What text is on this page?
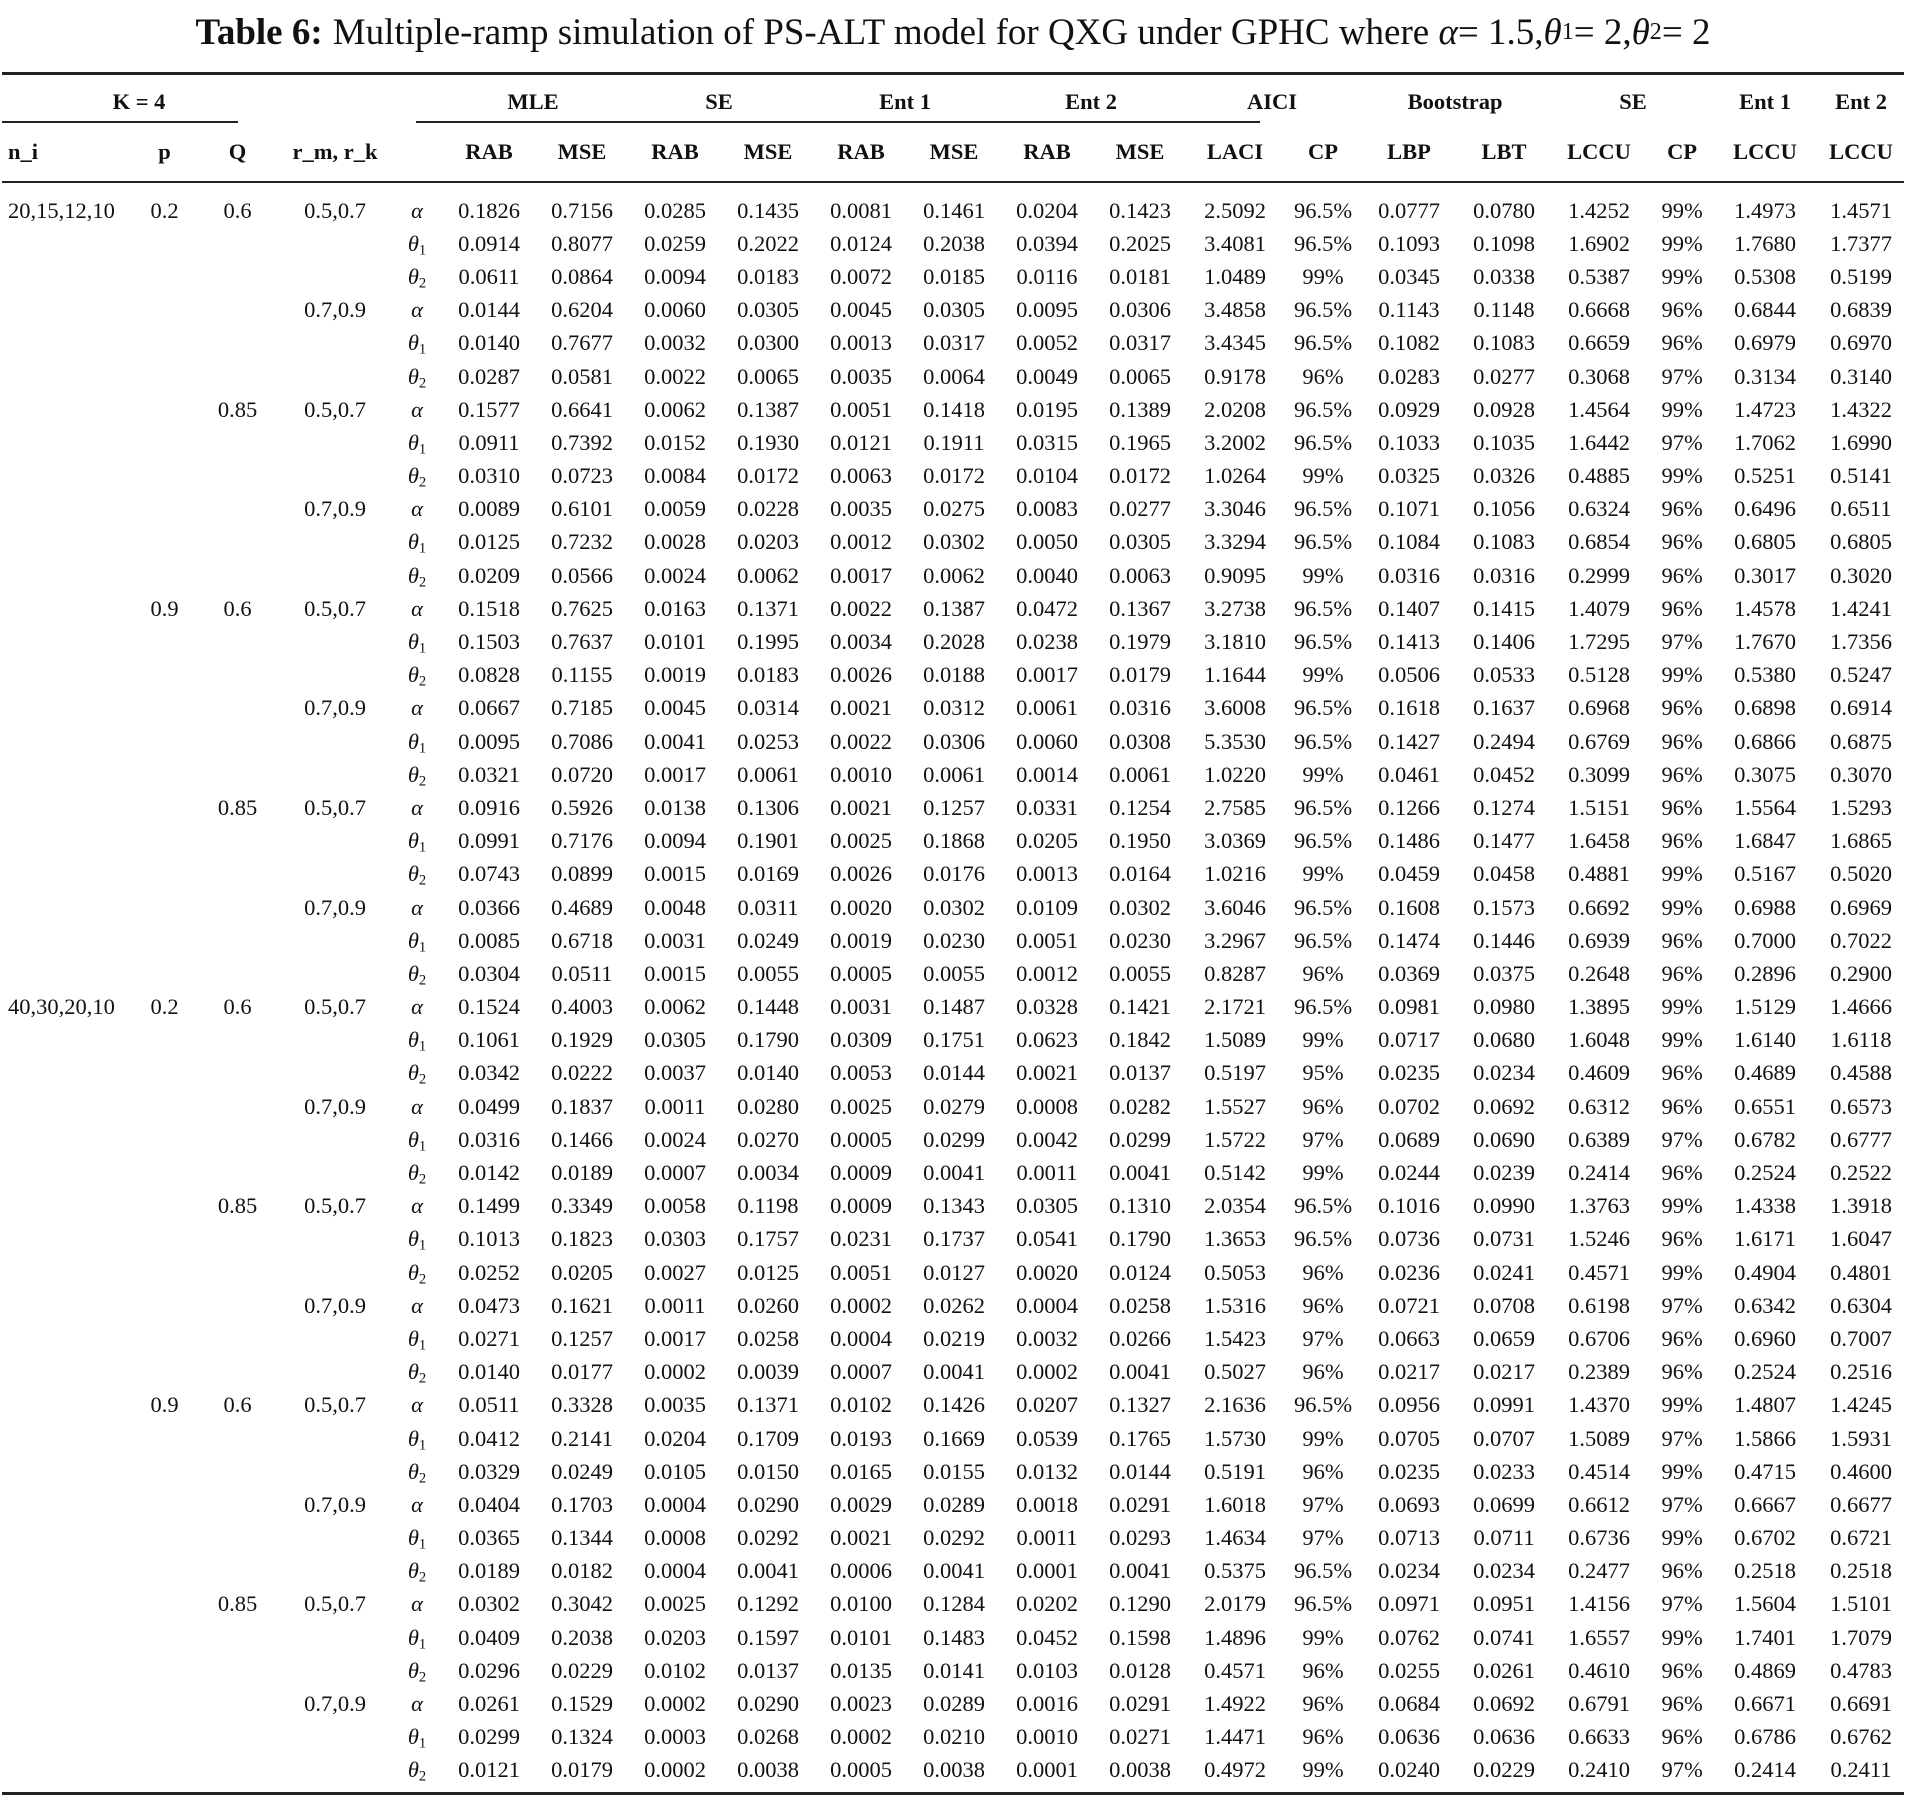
Table 6: Multiple-ramp simulation of PS-ALT model for QXG under GPHC where
α = 1.5, θ 1 = 2, θ 2 = 2
K = 4					MLE		SE		Ent 1		Ent 2		AICI		Bootstrap		SE		Ent 1	Ent 2
n_i	p	Q	r_m, r_k		RAB	MSE	RAB	MSE	RAB	MSE	RAB	MSE	LACI	CP	LBP	LBT	LCCU	CP	LCCU	LCCU

20,15,12,10	0.2	0.6	0.5,0.7	α	0.1826	0.7156	0.0285	0.1435	0.0081	0.1461	0.0204	0.1423	2.5092	96.5%	0.0777	0.0780	1.4252	99%	1.4973	1.4571
				$\theta_1$	0.0914	0.8077	0.0259	0.2022	0.0124	0.2038	0.0394	0.2025	3.4081	96.5%	0.1093	0.1098	1.6902	99%	1.7680	1.7377
				$\theta_2$	0.0611	0.0864	0.0094	0.0183	0.0072	0.0185	0.0116	0.0181	1.0489	99%	0.0345	0.0338	0.5387	99%	0.5308	0.5199
			0.7,0.9	α	0.0144	0.6204	0.0060	0.0305	0.0045	0.0305	0.0095	0.0306	3.4858	96.5%	0.1143	0.1148	0.6668	96%	0.6844	0.6839
				$\theta_1$	0.0140	0.7677	0.0032	0.0300	0.0013	0.0317	0.0052	0.0317	3.4345	96.5%	0.1082	0.1083	0.6659	96%	0.6979	0.6970
				$\theta_2$	0.0287	0.0581	0.0022	0.0065	0.0035	0.0064	0.0049	0.0065	0.9178	96%	0.0283	0.0277	0.3068	97%	0.3134	0.3140
		0.85	0.5,0.7	α	0.1577	0.6641	0.0062	0.1387	0.0051	0.1418	0.0195	0.1389	2.0208	96.5%	0.0929	0.0928	1.4564	99%	1.4723	1.4322
				$\theta_1$	0.0911	0.7392	0.0152	0.1930	0.0121	0.1911	0.0315	0.1965	3.2002	96.5%	0.1033	0.1035	1.6442	97%	1.7062	1.6990
				$\theta_2$	0.0310	0.0723	0.0084	0.0172	0.0063	0.0172	0.0104	0.0172	1.0264	99%	0.0325	0.0326	0.4885	99%	0.5251	0.5141
			0.7,0.9	α	0.0089	0.6101	0.0059	0.0228	0.0035	0.0275	0.0083	0.0277	3.3046	96.5%	0.1071	0.1056	0.6324	96%	0.6496	0.6511
				$\theta_1$	0.0125	0.7232	0.0028	0.0203	0.0012	0.0302	0.0050	0.0305	3.3294	96.5%	0.1084	0.1083	0.6854	96%	0.6805	0.6805
				$\theta_2$	0.0209	0.0566	0.0024	0.0062	0.0017	0.0062	0.0040	0.0063	0.9095	99%	0.0316	0.0316	0.2999	96%	0.3017	0.3020
	0.9	0.6	0.5,0.7	α	0.1518	0.7625	0.0163	0.1371	0.0022	0.1387	0.0472	0.1367	3.2738	96.5%	0.1407	0.1415	1.4079	96%	1.4578	1.4241
				$\theta_1$	0.1503	0.7637	0.0101	0.1995	0.0034	0.2028	0.0238	0.1979	3.1810	96.5%	0.1413	0.1406	1.7295	97%	1.7670	1.7356
				$\theta_2$	0.0828	0.1155	0.0019	0.0183	0.0026	0.0188	0.0017	0.0179	1.1644	99%	0.0506	0.0533	0.5128	99%	0.5380	0.5247
			0.7,0.9	α	0.0667	0.7185	0.0045	0.0314	0.0021	0.0312	0.0061	0.0316	3.6008	96.5%	0.1618	0.1637	0.6968	96%	0.6898	0.6914
				$\theta_1$	0.0095	0.7086	0.0041	0.0253	0.0022	0.0306	0.0060	0.0308	5.3530	96.5%	0.1427	0.2494	0.6769	96%	0.6866	0.6875
				$\theta_2$	0.0321	0.0720	0.0017	0.0061	0.0010	0.0061	0.0014	0.0061	1.0220	99%	0.0461	0.0452	0.3099	96%	0.3075	0.3070
		0.85	0.5,0.7	α	0.0916	0.5926	0.0138	0.1306	0.0021	0.1257	0.0331	0.1254	2.7585	96.5%	0.1266	0.1274	1.5151	96%	1.5564	1.5293
				$\theta_1$	0.0991	0.7176	0.0094	0.1901	0.0025	0.1868	0.0205	0.1950	3.0369	96.5%	0.1486	0.1477	1.6458	96%	1.6847	1.6865
				$\theta_2$	0.0743	0.0899	0.0015	0.0169	0.0026	0.0176	0.0013	0.0164	1.0216	99%	0.0459	0.0458	0.4881	99%	0.5167	0.5020
			0.7,0.9	α	0.0366	0.4689	0.0048	0.0311	0.0020	0.0302	0.0109	0.0302	3.6046	96.5%	0.1608	0.1573	0.6692	99%	0.6988	0.6969
				$\theta_1$	0.0085	0.6718	0.0031	0.0249	0.0019	0.0230	0.0051	0.0230	3.2967	96.5%	0.1474	0.1446	0.6939	96%	0.7000	0.7022
				$\theta_2$	0.0304	0.0511	0.0015	0.0055	0.0005	0.0055	0.0012	0.0055	0.8287	96%	0.0369	0.0375	0.2648	96%	0.2896	0.2900
40,30,20,10	0.2	0.6	0.5,0.7	α	0.1524	0.4003	0.0062	0.1448	0.0031	0.1487	0.0328	0.1421	2.1721	96.5%	0.0981	0.0980	1.3895	99%	1.5129	1.4666
				$\theta_1$	0.1061	0.1929	0.0305	0.1790	0.0309	0.1751	0.0623	0.1842	1.5089	99%	0.0717	0.0680	1.6048	99%	1.6140	1.6118
				$\theta_2$	0.0342	0.0222	0.0037	0.0140	0.0053	0.0144	0.0021	0.0137	0.5197	95%	0.0235	0.0234	0.4609	96%	0.4689	0.4588
			0.7,0.9	α	0.0499	0.1837	0.0011	0.0280	0.0025	0.0279	0.0008	0.0282	1.5527	96%	0.0702	0.0692	0.6312	96%	0.6551	0.6573
				$\theta_1$	0.0316	0.1466	0.0024	0.0270	0.0005	0.0299	0.0042	0.0299	1.5722	97%	0.0689	0.0690	0.6389	97%	0.6782	0.6777
				$\theta_2$	0.0142	0.0189	0.0007	0.0034	0.0009	0.0041	0.0011	0.0041	0.5142	99%	0.0244	0.0239	0.2414	96%	0.2524	0.2522
		0.85	0.5,0.7	α	0.1499	0.3349	0.0058	0.1198	0.0009	0.1343	0.0305	0.1310	2.0354	96.5%	0.1016	0.0990	1.3763	99%	1.4338	1.3918
				$\theta_1$	0.1013	0.1823	0.0303	0.1757	0.0231	0.1737	0.0541	0.1790	1.3653	96.5%	0.0736	0.0731	1.5246	96%	1.6171	1.6047
				$\theta_2$	0.0252	0.0205	0.0027	0.0125	0.0051	0.0127	0.0020	0.0124	0.5053	96%	0.0236	0.0241	0.4571	99%	0.4904	0.4801
			0.7,0.9	α	0.0473	0.1621	0.0011	0.0260	0.0002	0.0262	0.0004	0.0258	1.5316	96%	0.0721	0.0708	0.6198	97%	0.6342	0.6304
				$\theta_1$	0.0271	0.1257	0.0017	0.0258	0.0004	0.0219	0.0032	0.0266	1.5423	97%	0.0663	0.0659	0.6706	96%	0.6960	0.7007
				$\theta_2$	0.0140	0.0177	0.0002	0.0039	0.0007	0.0041	0.0002	0.0041	0.5027	96%	0.0217	0.0217	0.2389	96%	0.2524	0.2516
	0.9	0.6	0.5,0.7	α	0.0511	0.3328	0.0035	0.1371	0.0102	0.1426	0.0207	0.1327	2.1636	96.5%	0.0956	0.0991	1.4370	99%	1.4807	1.4245
				$\theta_1$	0.0412	0.2141	0.0204	0.1709	0.0193	0.1669	0.0539	0.1765	1.5730	99%	0.0705	0.0707	1.5089	97%	1.5866	1.5931
				$\theta_2$	0.0329	0.0249	0.0105	0.0150	0.0165	0.0155	0.0132	0.0144	0.5191	96%	0.0235	0.0233	0.4514	99%	0.4715	0.4600
			0.7,0.9	α	0.0404	0.1703	0.0004	0.0290	0.0029	0.0289	0.0018	0.0291	1.6018	97%	0.0693	0.0699	0.6612	97%	0.6667	0.6677
				$\theta_1$	0.0365	0.1344	0.0008	0.0292	0.0021	0.0292	0.0011	0.0293	1.4634	97%	0.0713	0.0711	0.6736	99%	0.6702	0.6721
				$\theta_2$	0.0189	0.0182	0.0004	0.0041	0.0006	0.0041	0.0001	0.0041	0.5375	96.5%	0.0234	0.0234	0.2477	96%	0.2518	0.2518
		0.85	0.5,0.7	α	0.0302	0.3042	0.0025	0.1292	0.0100	0.1284	0.0202	0.1290	2.0179	96.5%	0.0971	0.0951	1.4156	97%	1.5604	1.5101
				$\theta_1$	0.0409	0.2038	0.0203	0.1597	0.0101	0.1483	0.0452	0.1598	1.4896	99%	0.0762	0.0741	1.6557	99%	1.7401	1.7079
				$\theta_2$	0.0296	0.0229	0.0102	0.0137	0.0135	0.0141	0.0103	0.0128	0.4571	96%	0.0255	0.0261	0.4610	96%	0.4869	0.4783
			0.7,0.9	α	0.0261	0.1529	0.0002	0.0290	0.0023	0.0289	0.0016	0.0291	1.4922	96%	0.0684	0.0692	0.6791	96%	0.6671	0.6691
				$\theta_1$	0.0299	0.1324	0.0003	0.0268	0.0002	0.0210	0.0010	0.0271	1.4471	96%	0.0636	0.0636	0.6633	96%	0.6786	0.6762
				$\theta_2$	0.0121	0.0179	0.0002	0.0038	0.0005	0.0038	0.0001	0.0038	0.4972	99%	0.0240	0.0229	0.2410	97%	0.2414	0.2411
